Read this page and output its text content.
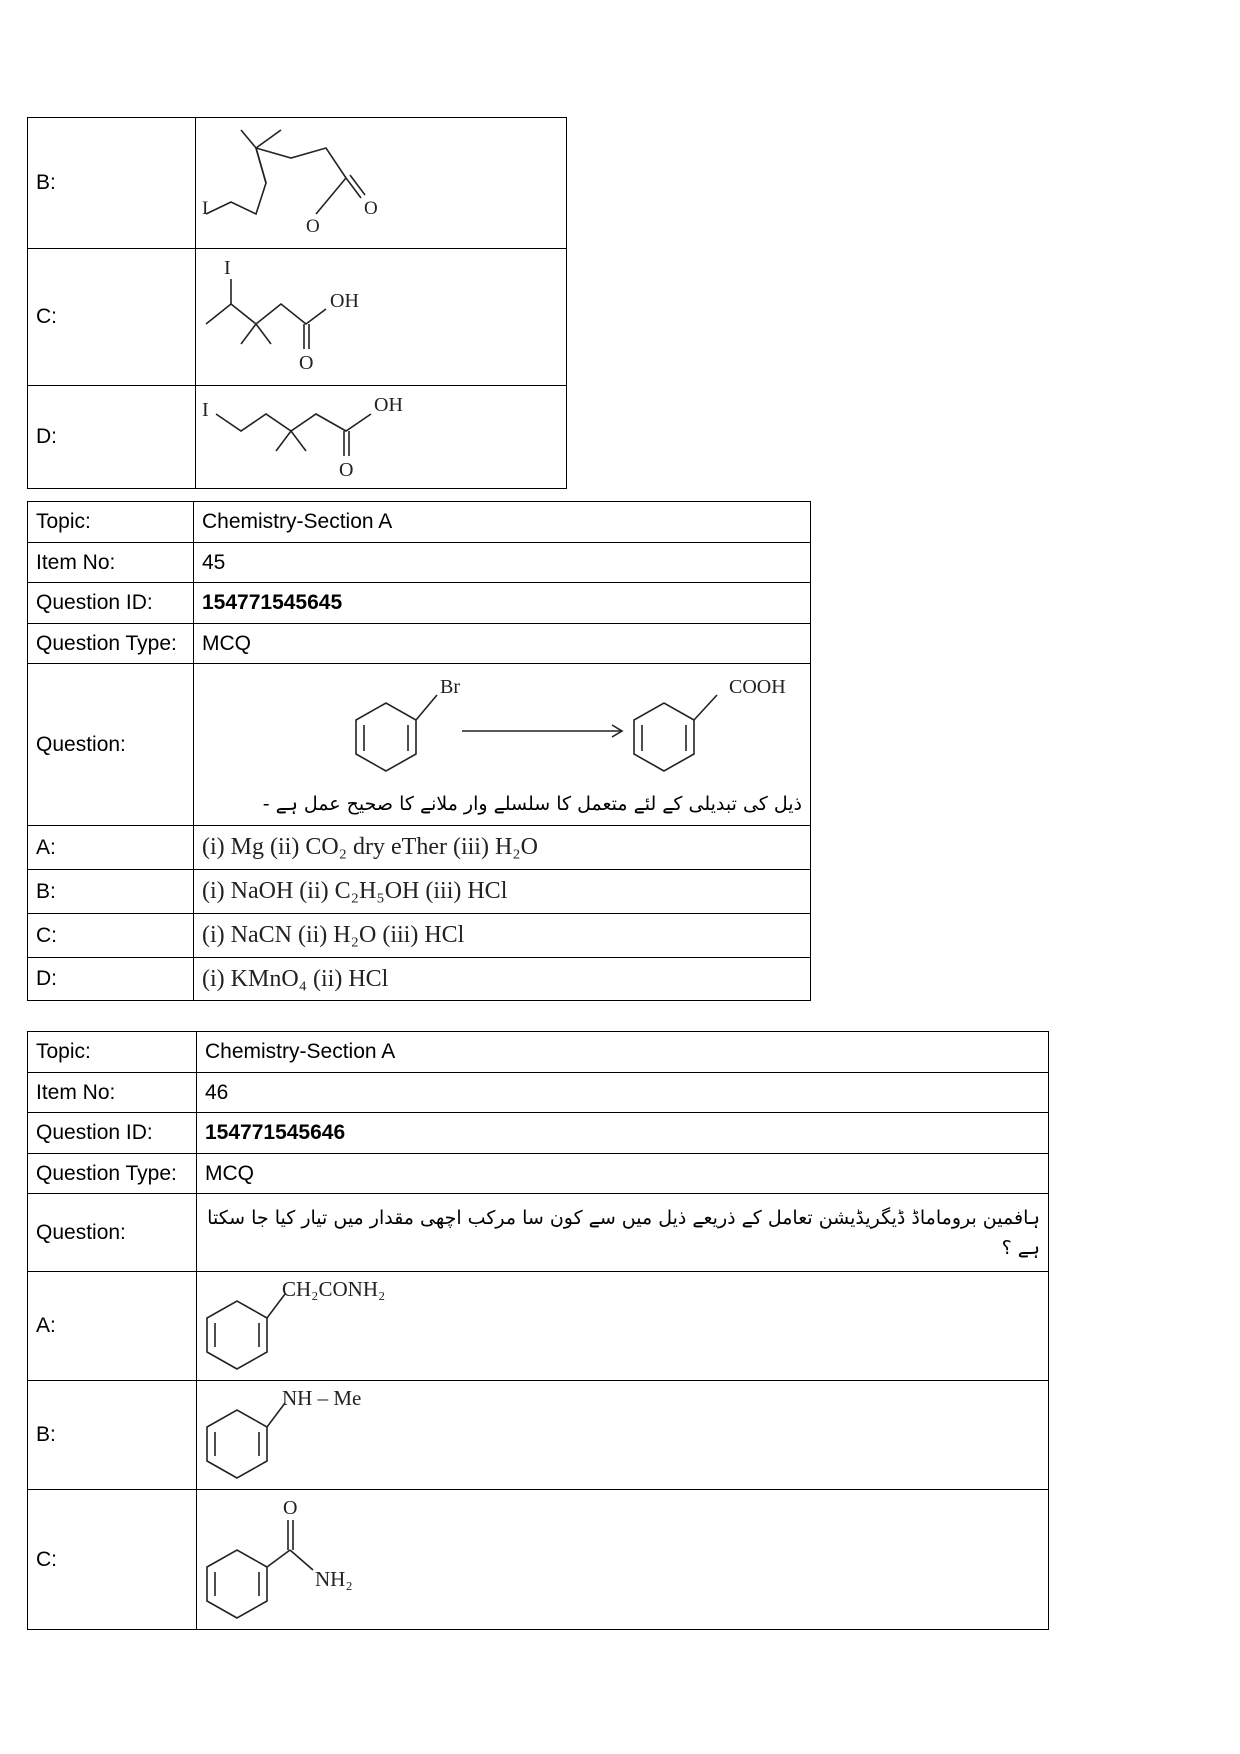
B:	I
O
O

C:	I
OH
O

D:	I OH
O
Topic:	Chemistry-Section A
Item No:	45
Question ID:	154771545645
Question Type:	MCQ
Question:	Br COOH
ذیل کی تبدیلی کے لئے متعمل کا سلسلے وار ملانے کا صحیح عمل ہے -

A:	(i) Mg (ii) CO₂ dry eTher (iii) H₂O
B:	(i) NaOH (ii) C₂H₅OH (iii) HCl
C:	(i) NaCN (ii) H₂O (iii) HCl
D:	(i) KMnO₄ (ii) HCl
Topic:	Chemistry-Section A
Item No:	46
Question ID:	154771545646
Question Type:	MCQ
Question:	ہافمین بروماماڈ ڈیگریڈیشن تعامل کے ذریعے ذیل میں سے کون سا مرکب اچھی مقدار میں تیار کیا جا سکتا ہے ؟
A:	CH₂CONH₂

B:	NH – Me

C:	O
NH₂
